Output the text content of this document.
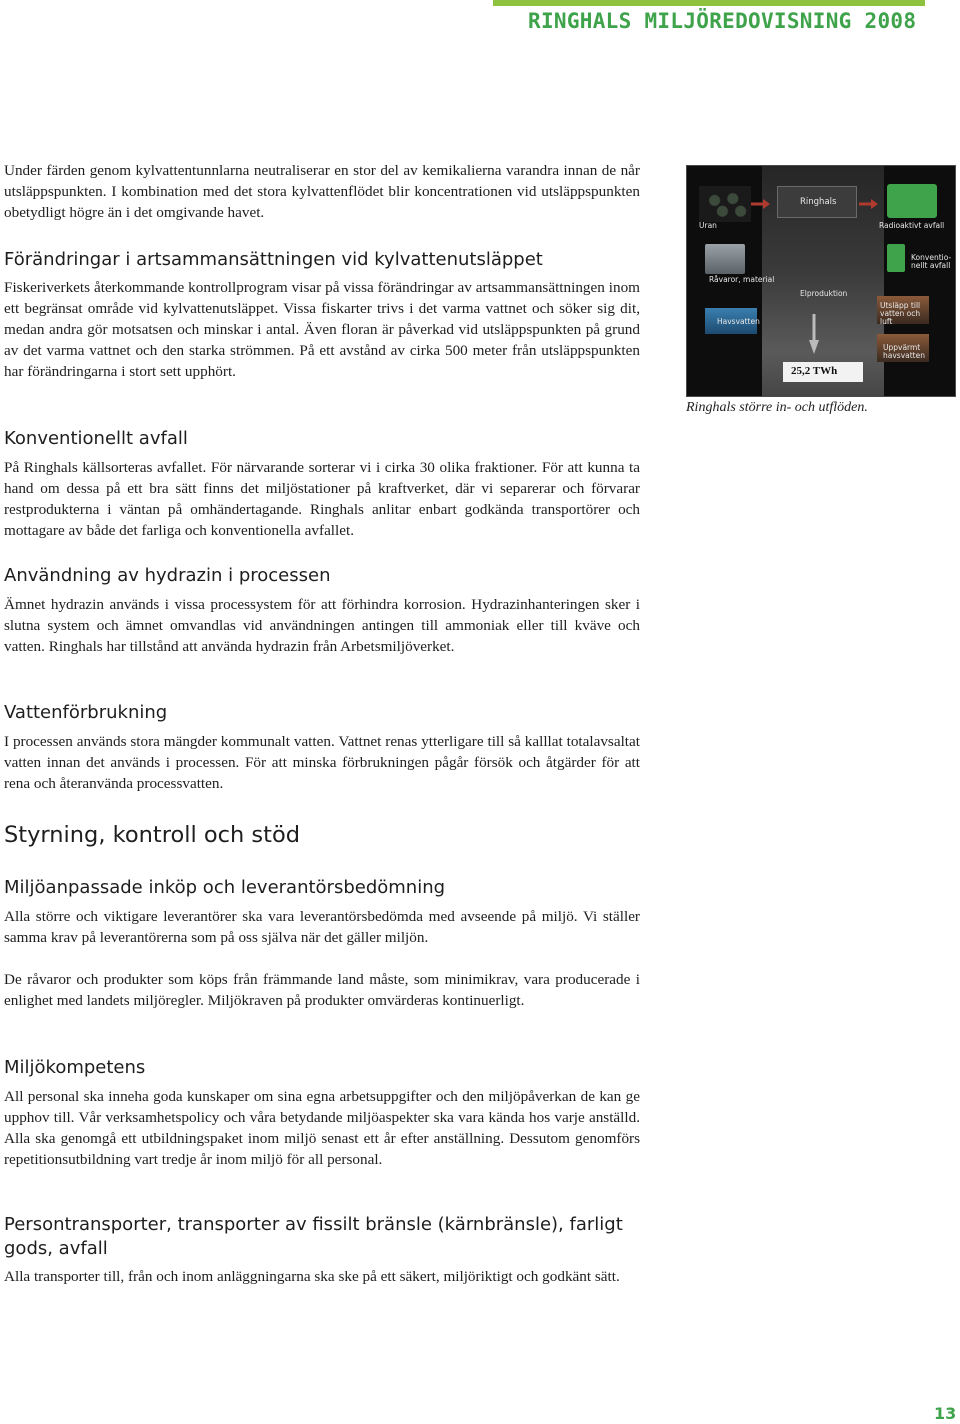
RINGHALS MILJÖREDOVISNING 2008

Under färden genom kylvattentunnlarna neutraliserar en stor del av kemikalierna varandra innan de når utsläppspunkten. I kombination med det stora kylvattenflödet blir koncentrationen vid utsläppspunkten obetydligt högre än i det omgivande havet.

Förändringar i artsammansättningen vid kylvattenutsläppet

Fiskeriverkets återkommande kontrollprogram visar på vissa förändringar av artsammansättningen inom ett begränsat område vid kylvattenutsläppet. Vissa fiskarter trivs i det varma vattnet och söker sig dit, medan andra gör motsatsen och minskar i antal. Även floran är påverkad vid utsläppspunkten på grund av det varma vattnet och den starka strömmen. På ett avstånd av cirka 500 meter från utsläppspunkten har förändringarna i stort sett upphört.

Uran
Ringhals
Radioaktivt avfall
Råvaror, material
Konventio- nellt avfall
Elproduktion
Utsläpp till vatten och luft
Havsvatten
Uppvärmt havsvatten
25,2 TWh
Ringhals större in- och utflöden.
Konventionellt avfall

På Ringhals källsorteras avfallet. För närvarande sorterar vi i cirka 30 olika fraktioner. För att kunna ta hand om dessa på ett bra sätt finns det miljöstationer på kraftverket, där vi separerar och förvarar restprodukterna i väntan på omhändertagande. Ringhals anlitar enbart godkända transportörer och mottagare av både det farliga och konventionella avfallet.

Användning av hydrazin i processen

Ämnet hydrazin används i vissa processystem för att förhindra korrosion. Hydrazinhanteringen sker i slutna system och ämnet omvandlas vid användningen antingen till ammoniak eller till kväve och vatten. Ringhals har tillstånd att använda hydrazin från Arbetsmiljöverket.

Vattenförbrukning

I processen används stora mängder kommunalt vatten. Vattnet renas ytterligare till så kalllat totalavsaltat vatten innan det används i processen. För att minska förbrukningen pågår försök och åtgärder för att rena och återanvända processvatten.

Styrning, kontroll och stöd
Miljöanpassade inköp och leverantörsbedömning

Alla större och viktigare leverantörer ska vara leverantörsbedömda med avseende på miljö. Vi ställer samma krav på leverantörerna som på oss själva när det gäller miljön.

De råvaror och produkter som köps från främmande land måste, som minimikrav, vara producerade i enlighet med landets miljöregler. Miljökraven på produkter omvärderas kontinuerligt.

Miljökompetens

All personal ska inneha goda kunskaper om sina egna arbetsuppgifter och den miljöpåverkan de kan ge upphov till. Vår verksamhetspolicy och våra betydande miljöaspekter ska vara kända hos varje anställd. Alla ska genomgå ett utbildningspaket inom miljö senast ett år efter anställning. Dessutom genomförs repetitionsutbildning vart tredje år inom miljö för all personal.

Persontransporter, transporter av fissilt bränsle (kärnbränsle), farligt gods, avfall

Alla transporter till, från och inom anläggningarna ska ske på ett säkert, miljöriktigt och godkänt sätt.

13
